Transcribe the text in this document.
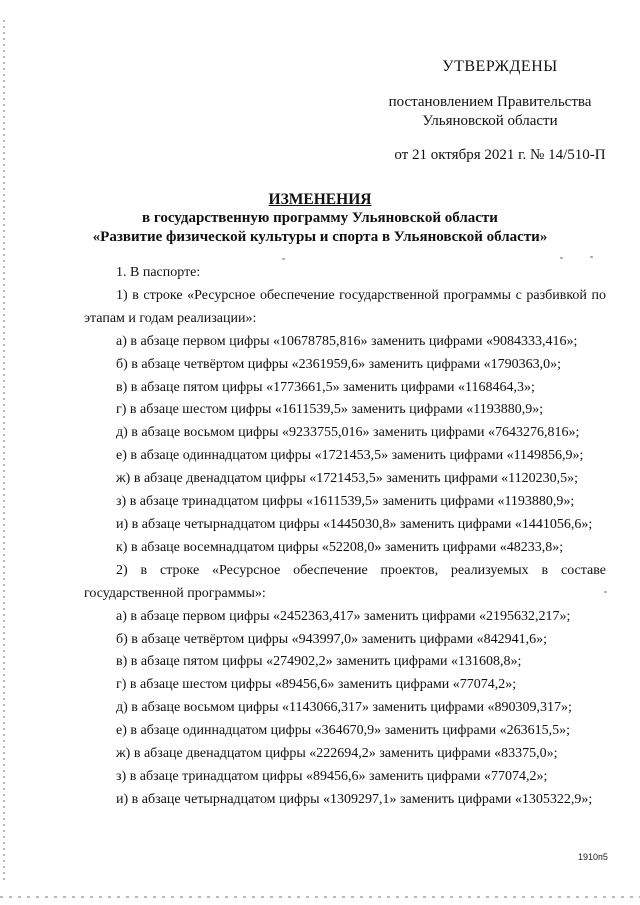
УТВЕРЖДЕНЫ
постановлением Правительства
Ульяновской области
от 21 октября 2021 г. № 14/510-П
ИЗМЕНЕНИЯ
в государственную программу Ульяновской области
«Развитие физической культуры и спорта в Ульяновской области»

1. В паспорте:

1) в строке «Ресурсное обеспечение государственной программы с разбивкой по этапам и годам реализации»:

а) в абзаце первом цифры «10678785,816» заменить цифрами «9084333,416»;

б) в абзаце четвёртом цифры «2361959,6» заменить цифрами «1790363,0»;

в) в абзаце пятом цифры «1773661,5» заменить цифрами «1168464,3»;

г) в абзаце шестом цифры «1611539,5» заменить цифрами «1193880,9»;

д) в абзаце восьмом цифры «9233755,016» заменить цифрами «7643276,816»;

е) в абзаце одиннадцатом цифры «1721453,5» заменить цифрами «1149856,9»;

ж) в абзаце двенадцатом цифры «1721453,5» заменить цифрами «1120230,5»;

з) в абзаце тринадцатом цифры «1611539,5» заменить цифрами «1193880,9»;

и) в абзаце четырнадцатом цифры «1445030,8» заменить цифрами «1441056,6»;

к) в абзаце восемнадцатом цифры «52208,0» заменить цифрами «48233,8»;

2) в строке «Ресурсное обеспечение проектов, реализуемых в составе государственной программы»:

а) в абзаце первом цифры «2452363,417» заменить цифрами «2195632,217»;

б) в абзаце четвёртом цифры «943997,0» заменить цифрами «842941,6»;

в) в абзаце пятом цифры «274902,2» заменить цифрами «131608,8»;

г) в абзаце шестом цифры «89456,6» заменить цифрами «77074,2»;

д) в абзаце восьмом цифры «1143066,317» заменить цифрами «890309,317»;

е) в абзаце одиннадцатом цифры «364670,9» заменить цифрами «263615,5»;

ж) в абзаце двенадцатом цифры «222694,2» заменить цифрами «83375,0»;

з) в абзаце тринадцатом цифры «89456,6» заменить цифрами «77074,2»;

и) в абзаце четырнадцатом цифры «1309297,1» заменить цифрами «1305322,9»;

1910п5
